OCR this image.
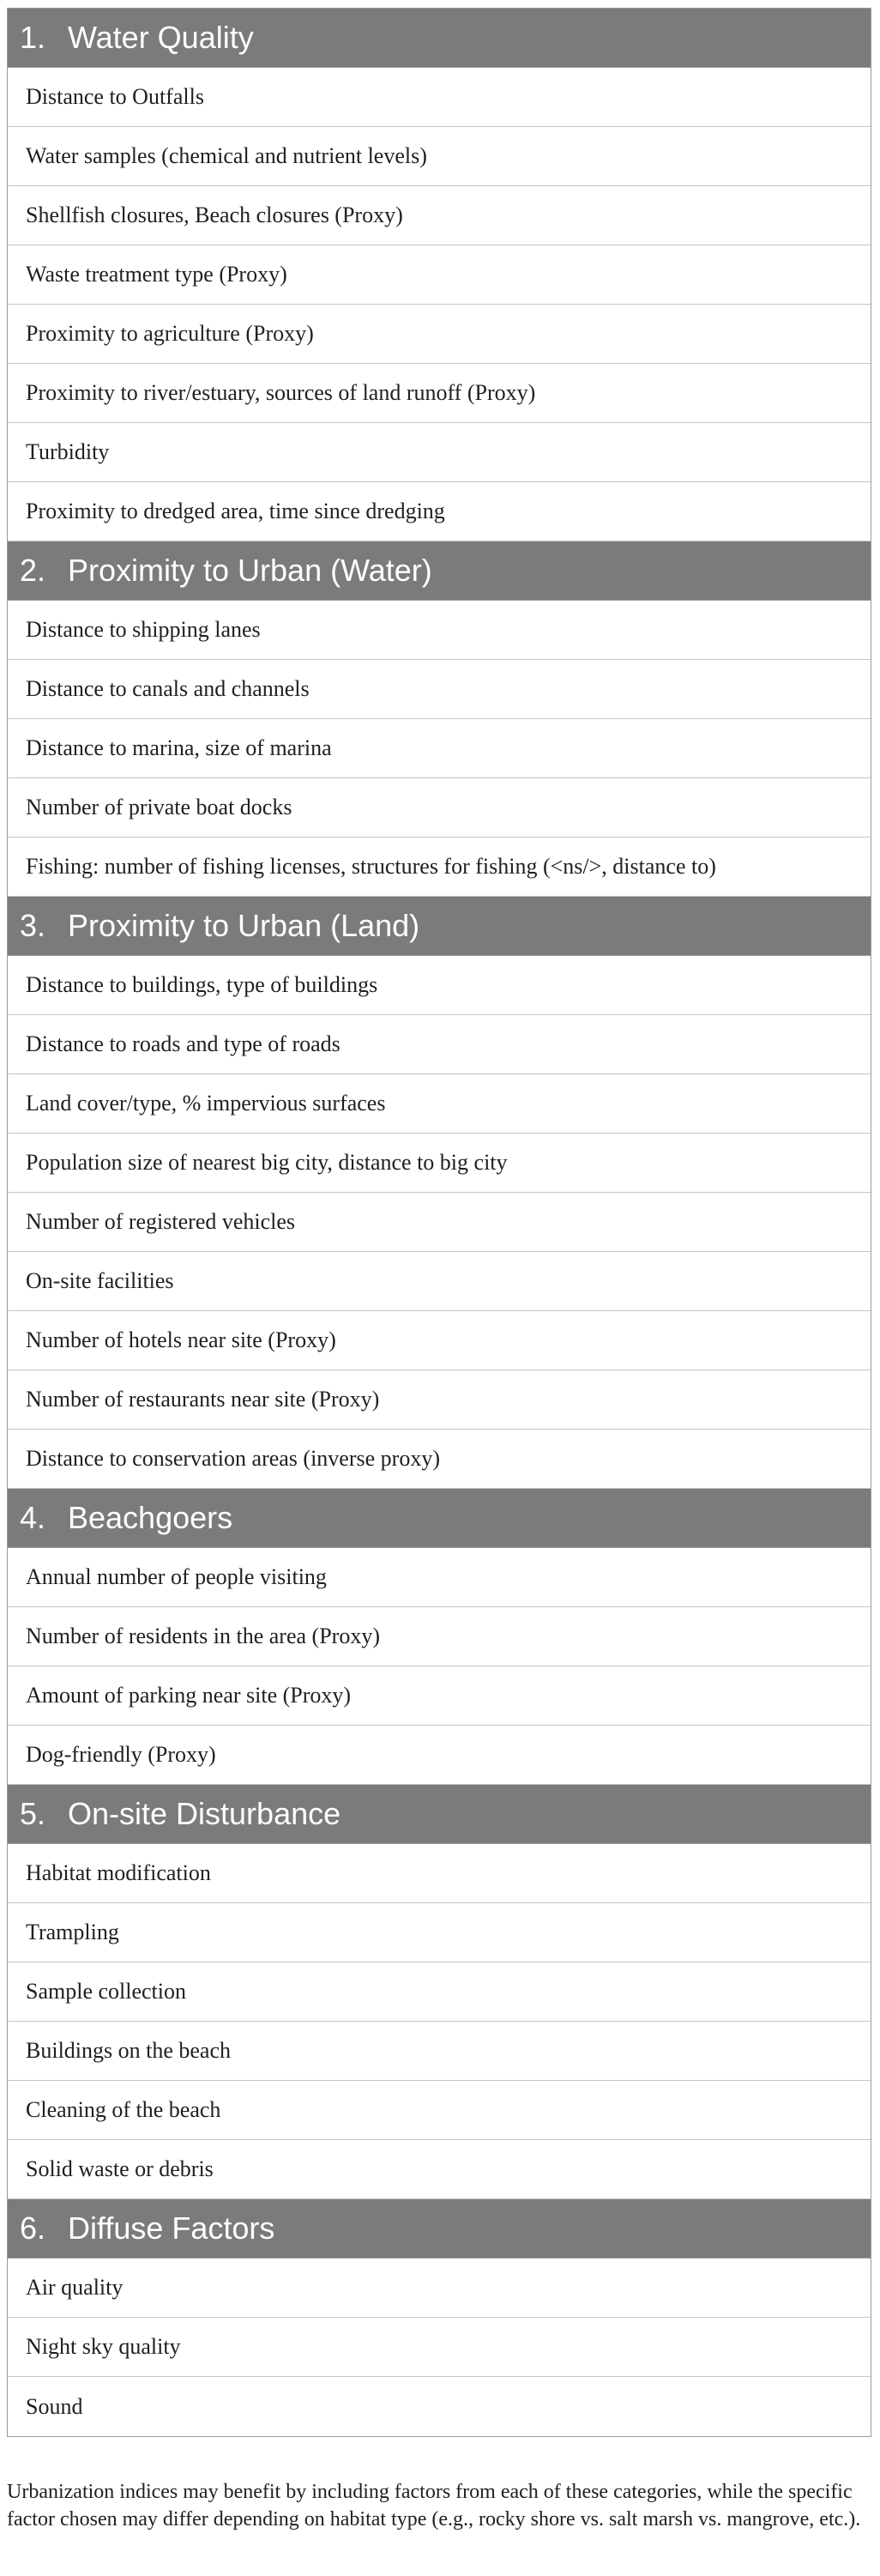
1. Water Quality
Distance to Outfalls
Water samples (chemical and nutrient levels)
Shellfish closures, Beach closures (Proxy)
Waste treatment type (Proxy)
Proximity to agriculture (Proxy)
Proximity to river/estuary, sources of land runoff (Proxy)
Turbidity
Proximity to dredged area, time since dredging
2. Proximity to Urban (Water)
Distance to shipping lanes
Distance to canals and channels
Distance to marina, size of marina
Number of private boat docks
Fishing: number of fishing licenses, structures for fishing (<ns/>, distance to)
3. Proximity to Urban (Land)
Distance to buildings, type of buildings
Distance to roads and type of roads
Land cover/type, % impervious surfaces
Population size of nearest big city, distance to big city
Number of registered vehicles
On-site facilities
Number of hotels near site (Proxy)
Number of restaurants near site (Proxy)
Distance to conservation areas (inverse proxy)
4. Beachgoers
Annual number of people visiting
Number of residents in the area (Proxy)
Amount of parking near site (Proxy)
Dog-friendly (Proxy)
5. On-site Disturbance
Habitat modification
Trampling
Sample collection
Buildings on the beach
Cleaning of the beach
Solid waste or debris
6. Diffuse Factors
Air quality
Night sky quality
Sound
Urbanization indices may benefit by including factors from each of these categories, while the specific factor chosen may differ depending on habitat type (e.g., rocky shore vs. salt marsh vs. mangrove, etc.).
